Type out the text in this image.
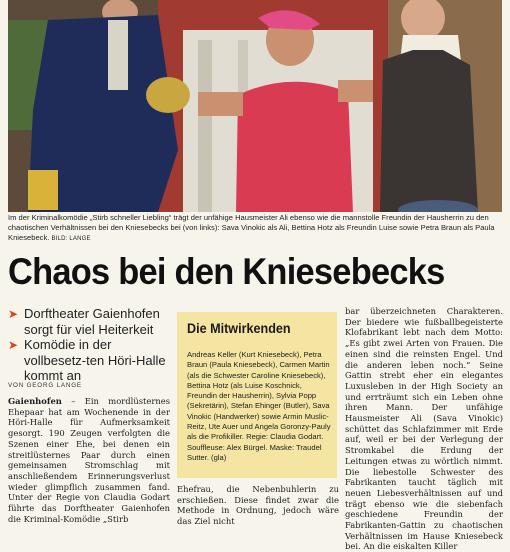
Im der Kriminalkomödie „Stirb schneller Liebling“ trägt der unfähige Hausmeister Ali ebenso wie die mannstolle Freundin der Hausherrin zu den chaotischen Verhältnissen bei den Kniesebecks bei (von links): Sava Vinokic als Ali, Bettina Hotz als Freundin Luise sowie Petra Braun als Paula Kniesebeck. BILD: LANGE
Chaos bei den Kniesebecks
➤ Dorftheater Gaienhofen sorgt für viel Heiterkeit
➤ Komödie in der vollbesetz-ten Höri-Halle kommt an
VON GEORG LANGE
Gaienhofen – Ein mordlüsternes Ehepaar hat am Wochenende in der Höri-Halle für Aufmerksamkeit gesorgt. 190 Zeugen verfolgten die Szenen einer Ehe, bei denen ein streitlüsternes Paar durch einen gemeinsamen Stromschlag mit anschließendem Erinnerungsverlust wieder glimpflich zusammen fand. Unter der Regie von Claudia Godart führte das Dorftheater Gaienhofen die Kriminal-Komödie „Stirb
Die Mitwirkenden
Andreas Keller (Kurt Kniesebeck), Petra Braun (Paula Kniesebeck), Carmen Martin (als die Schwester Caroline Kniesebeck), Bettina Hotz (als Luise Koschnick, Freundin der Hausherrin), Sylvia Popp (Sekretärin), Stefan Ehinger (Butler), Sava Vinokic (Handwerker) sowie Armin Muslic-Reitz, Ute Auer und Angela Goronzy-Pauly als die Profikiller. Regie: Claudia Godart. Souffleuse: Alex Bürgel. Maske: Traudel Sutter. (gla)
Ehefrau, die Nebenbuhlerin zu erschießen. Diese findet zwar die Methode in Ordnung, jedoch wäre das Ziel nicht
bar überzeichneten Charakteren. Der biedere wie fußballbegeisterte Klofabrikant lebt nach dem Motto: „Es gibt zwei Arten von Frauen. Die einen sind die reinsten Engel. Und die anderen leben noch.“ Seine Gattin strebt eher ein elegantes Luxusleben in der High Society an und errträumt sich ein Leben ohne ihren Mann. Der unfähige Hausmeister Ali (Sava Vinokic) schüttet das Schlafzimmer mit Erde auf, weil er bei der Verlegung der Stromkabel die Erdung der Leitungen etwas zu wörtlich nimmt. Die liebestolle Schwester des Fabrikanten taucht täglich mit neuen Liebesverhältnissen auf und trägt ebenso wie die siebenfach geschiedene Freundin der Fabrikanten-Gattin zu chaotischen Verhältnissen im Hause Kniesebeck bei. An die eiskalten Killer
